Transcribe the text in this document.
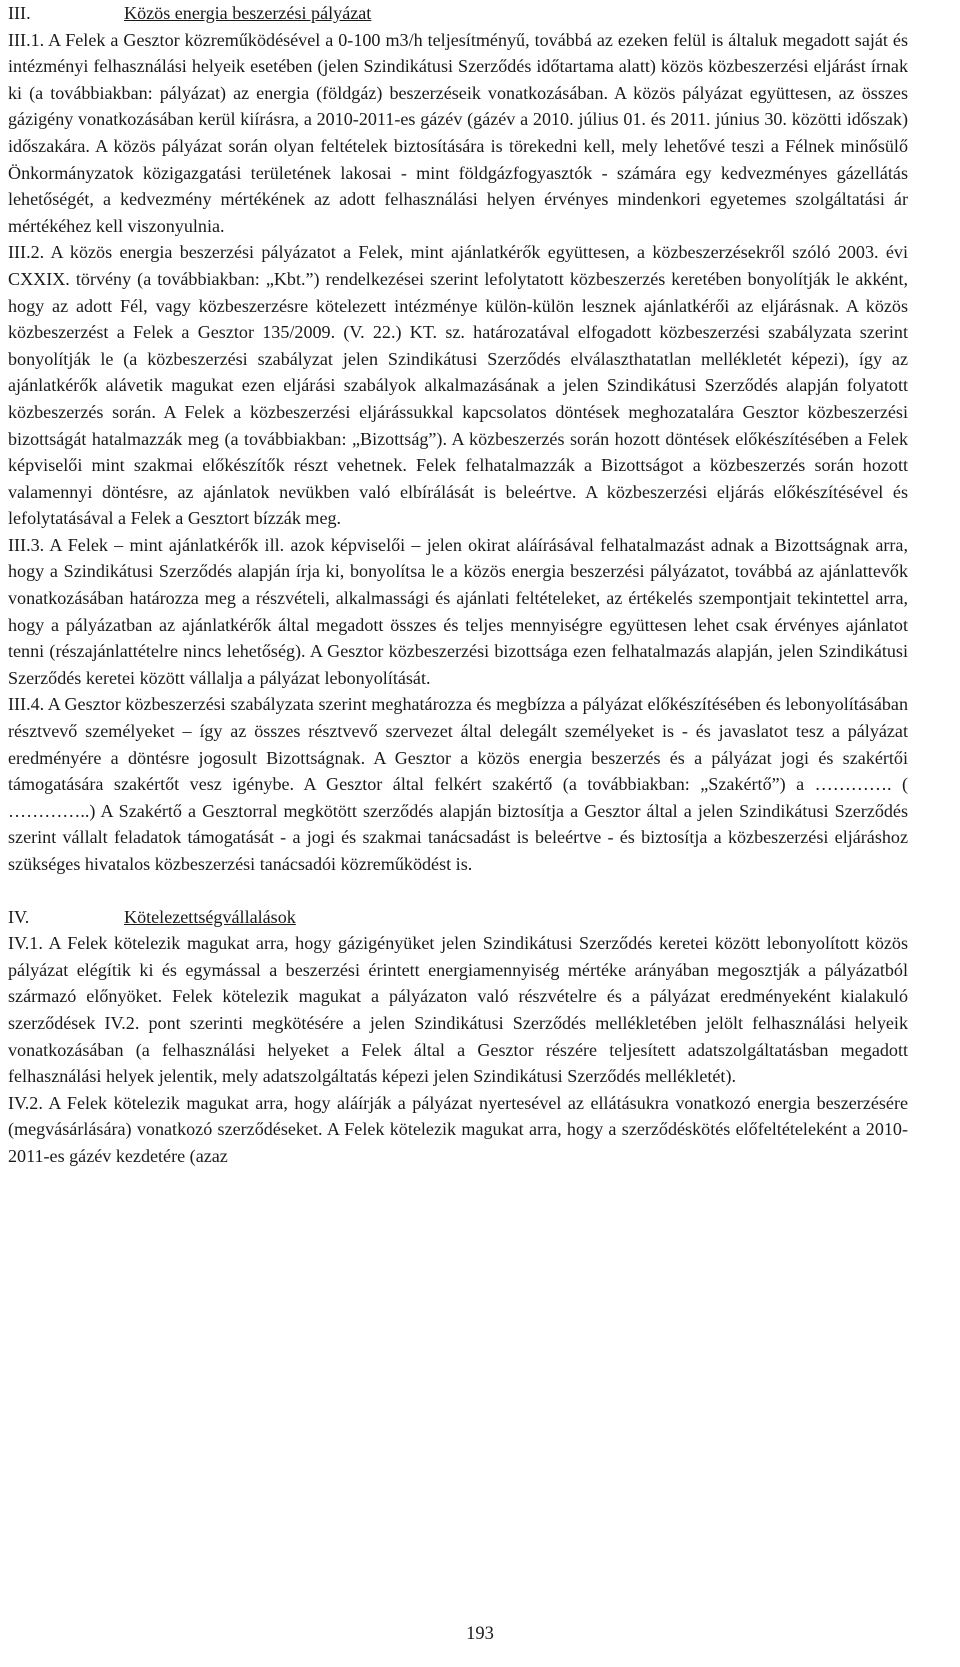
III.	Közös energia beszerzési pályázat

III.1. A Felek a Gesztor közreműködésével a 0-100 m3/h teljesítményű, továbbá az ezeken felül is általuk megadott saját és intézményi felhasználási helyeik esetében (jelen Szindikátusi Szerződés időtartama alatt) közös közbeszerzési eljárást írnak ki (a továbbiakban: pályázat) az energia (földgáz) beszerzéseik vonatkozásában. A közös pályázat együttesen, az összes gázigény vonatkozásában kerül kiírásra, a 2010-2011-es gázév (gázév a 2010. július 01. és 2011. június 30. közötti időszak) időszakára. A közös pályázat során olyan feltételek biztosítására is törekedni kell, mely lehetővé teszi a Félnek minősülő Önkormányzatok közigazgatási területének lakosai - mint földgázfogyasztók - számára egy kedvezményes gázellátás lehetőségét, a kedvezmény mértékének az adott felhasználási helyen érvényes mindenkori egyetemes szolgáltatási ár mértékéhez kell viszonyulnia.

III.2. A közös energia beszerzési pályázatot a Felek, mint ajánlatkérők együttesen, a közbeszerzésekről szóló 2003. évi CXXIX. törvény (a továbbiakban: „Kbt.”) rendelkezései szerint lefolytatott közbeszerzés keretében bonyolítják le akként, hogy az adott Fél, vagy közbeszerzésre kötelezett intézménye külön-külön lesznek ajánlatkérői az eljárásnak. A közös közbeszerzést a Felek a Gesztor 135/2009. (V. 22.) KT. sz. határozatával elfogadott közbeszerzési szabályzata szerint bonyolítják le (a közbeszerzési szabályzat jelen Szindikátusi Szerződés elválaszthatatlan mellékletét képezi), így az ajánlatkérők alávetik magukat ezen eljárási szabályok alkalmazásának a jelen Szindikátusi Szerződés alapján folyatott közbeszerzés során. A Felek a közbeszerzési eljárássukkal kapcsolatos döntések meghozatalára Gesztor közbeszerzési bizottságát hatalmazzák meg (a továbbiakban: „Bizottság”). A közbeszerzés során hozott döntések előkészítésében a Felek képviselői mint szakmai előkészítők részt vehetnek. Felek felhatalmazzák a Bizottságot a közbeszerzés során hozott valamennyi döntésre, az ajánlatok nevükben való elbírálását is beleértve. A közbeszerzési eljárás előkészítésével és lefolytatásával a Felek a Gesztort bízzák meg.

III.3. A Felek – mint ajánlatkérők ill. azok képviselői – jelen okirat aláírásával felhatalmazást adnak a Bizottságnak arra, hogy a Szindikátusi Szerződés alapján írja ki, bonyolítsa le a közös energia beszerzési pályázatot, továbbá az ajánlattevők vonatkozásában határozza meg a részvételi, alkalmassági és ajánlati feltételeket, az értékelés szempontjait tekintettel arra, hogy a pályázatban az ajánlatkérők által megadott összes és teljes mennyiségre együttesen lehet csak érvényes ajánlatot tenni (részajánlattételre nincs lehetőség). A Gesztor közbeszerzési bizottsága ezen felhatalmazás alapján, jelen Szindikátusi Szerződés keretei között vállalja a pályázat lebonyolítását.

III.4. A Gesztor közbeszerzési szabályzata szerint meghatározza és megbízza a pályázat előkészítésében és lebonyolításában résztvevő személyeket – így az összes résztvevő szervezet által delegált személyeket is - és javaslatot tesz a pályázat eredményére a döntésre jogosult Bizottságnak. A Gesztor a közös energia beszerzés és a pályázat jogi és szakértői támogatására szakértőt vesz igénybe. A Gesztor által felkért szakértő (a továbbiakban: „Szakértő”) a …………. ( …………..) A Szakértő a Gesztorral megkötött szerződés alapján biztosítja a Gesztor által a jelen Szindikátusi Szerződés szerint vállalt feladatok támogatását - a jogi és szakmai tanácsadást is beleértve - és biztosítja a közbeszerzési eljáráshoz szükséges hivatalos közbeszerzési tanácsadói közreműködést is.

IV.	Kötelezettségvállalások

IV.1. A Felek kötelezik magukat arra, hogy gázigényüket jelen Szindikátusi Szerződés keretei között lebonyolított közös pályázat elégítik ki és egymással a beszerzési érintett energiamennyiség mértéke arányában megosztják a pályázatból származó előnyöket. Felek kötelezik magukat a pályázaton való részvételre és a pályázat eredményeként kialakuló szerződések IV.2. pont szerinti megkötésére a jelen Szindikátusi Szerződés mellékletében jelölt felhasználási helyeik vonatkozásában (a felhasználási helyeket a Felek által a Gesztor részére teljesített adatszolgáltatásban megadott felhasználási helyek jelentik, mely adatszolgáltatás képezi jelen Szindikátusi Szerződés mellékletét).

IV.2. A Felek kötelezik magukat arra, hogy aláírják a pályázat nyertesével az ellátásukra vonatkozó energia beszerzésére (megvásárlására) vonatkozó szerződéseket. A Felek kötelezik magukat arra, hogy a szerződéskötés előfeltételeként a 2010-2011-es gázév kezdetére (azaz

193
